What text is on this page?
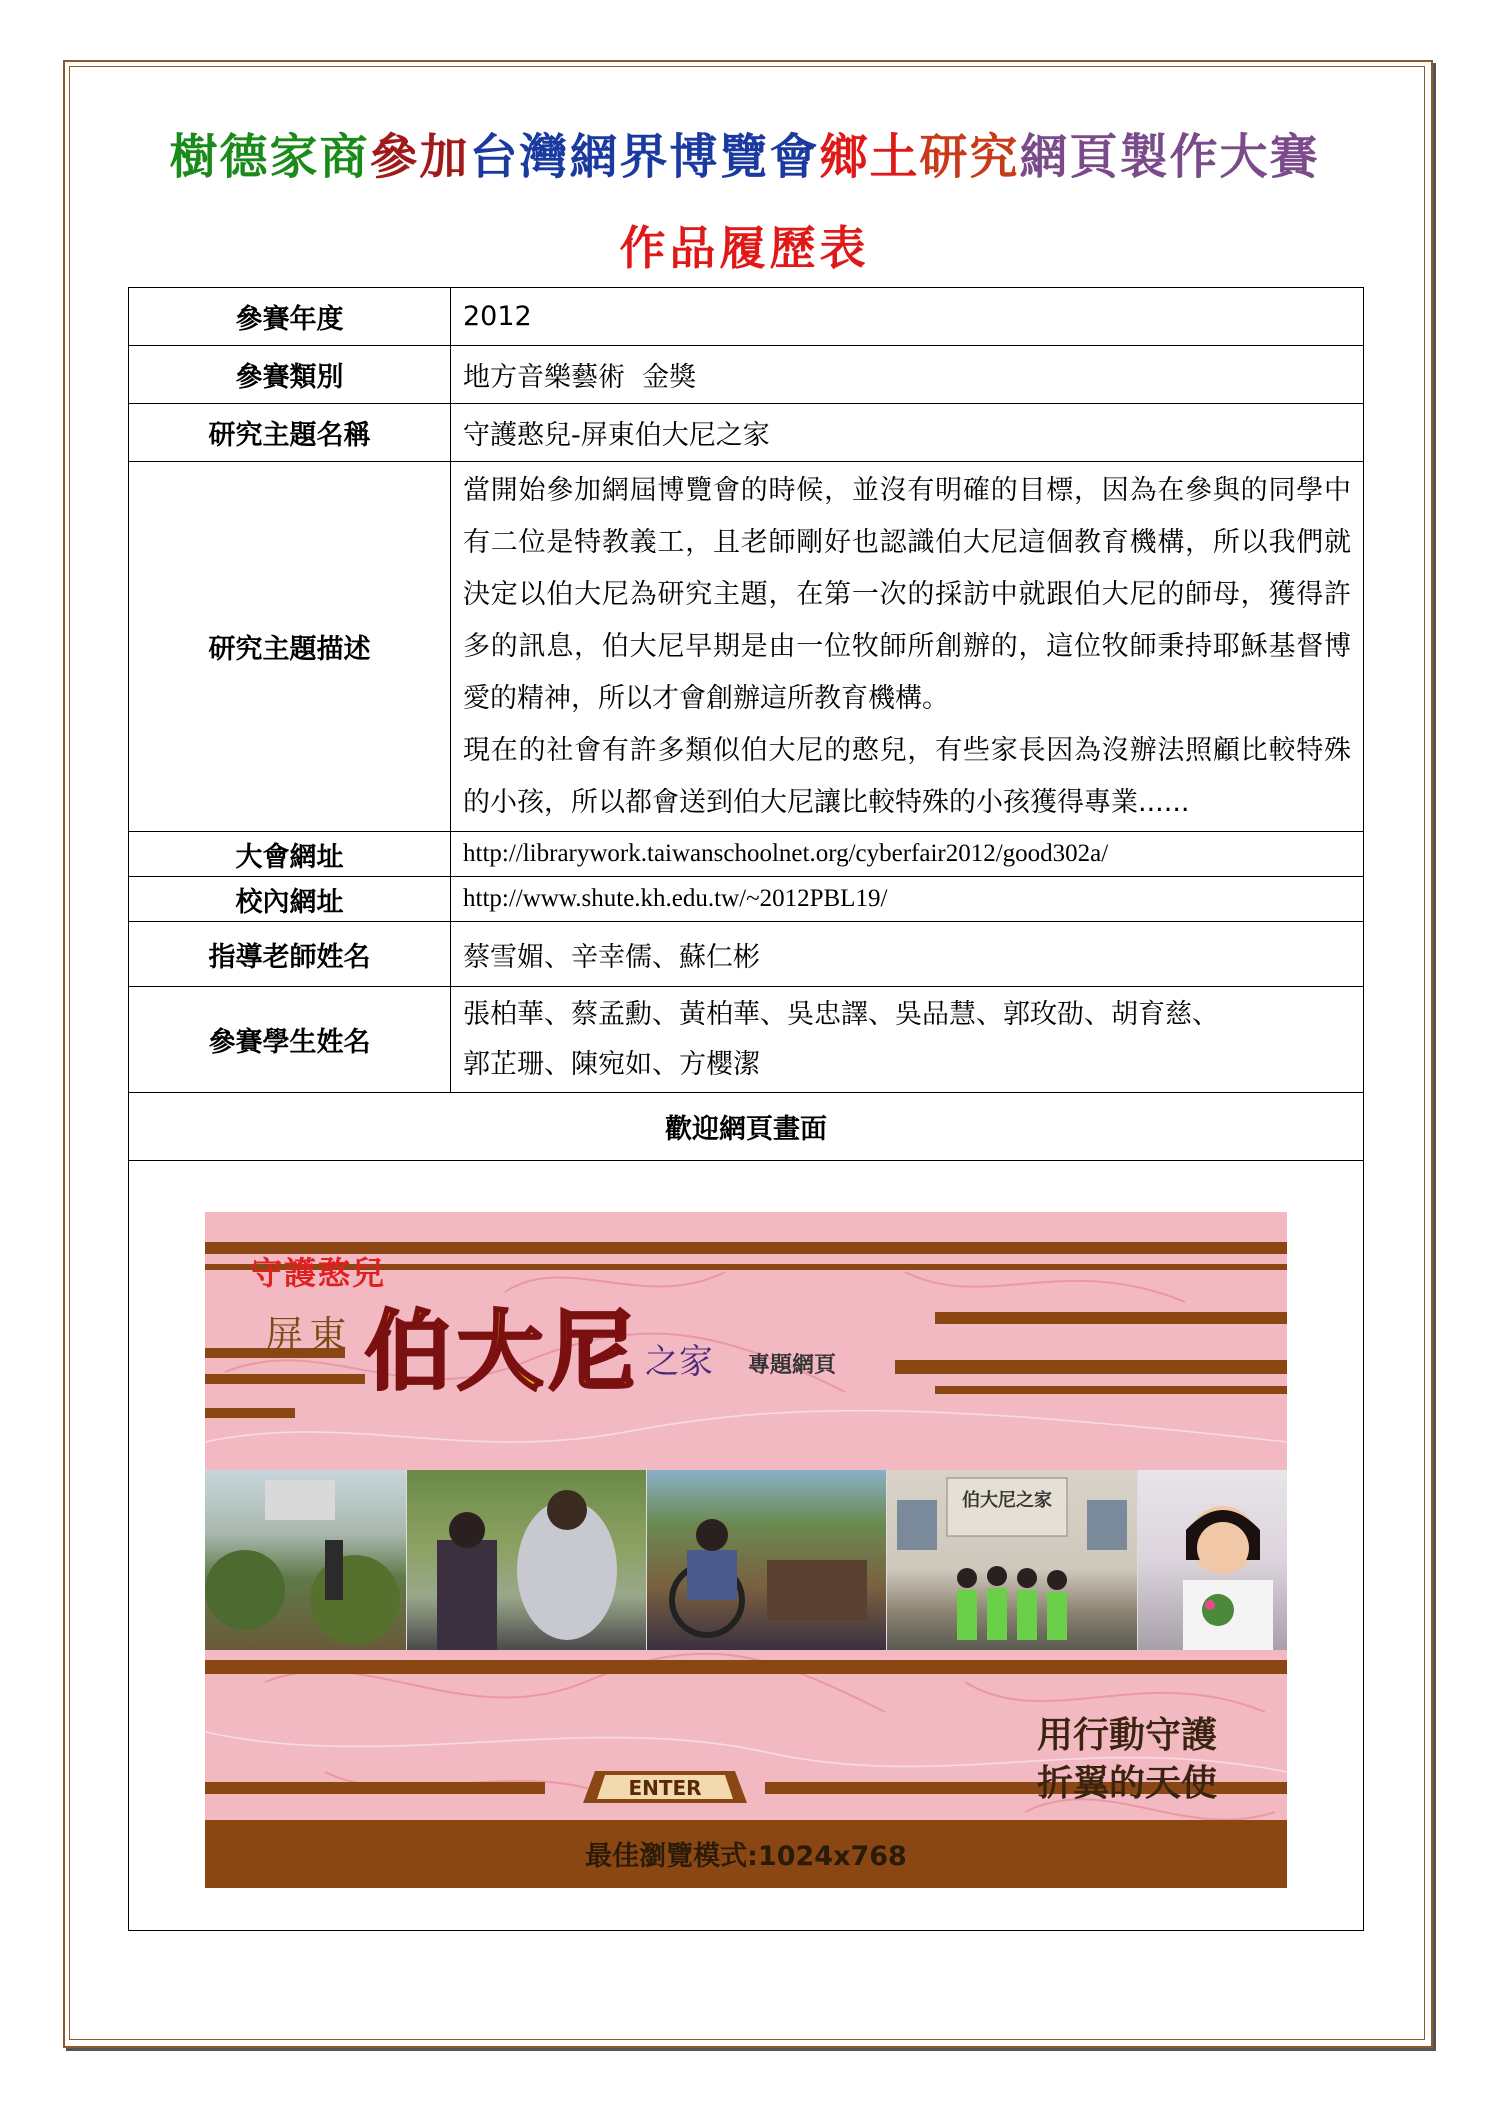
樹德家商參加台灣網界博覽會鄉土研究網頁製作大賽
作品履歷表
參賽年度	2012
參賽類別	地方音樂藝術  金獎
研究主題名稱	守護憨兒-屏東伯大尼之家
研究主題描述	當開始參加網屆博覽會的時候，並沒有明確的目標，因為在參與的同學中有二位是特教義工，且老師剛好也認識伯大尼這個教育機構，所以我們就決定以伯大尼為研究主題，在第一次的採訪中就跟伯大尼的師母，獲得許多的訊息，伯大尼早期是由一位牧師所創辦的，這位牧師秉持耶穌基督博愛的精神，所以才會創辦這所教育機構。
現在的社會有許多類似伯大尼的憨兒，有些家長因為沒辦法照顧比較特殊的小孩，所以都會送到伯大尼讓比較特殊的小孩獲得專業......

大會網址	http://librarywork.taiwanschoolnet.org/cyberfair2012/good302a/
校內網址	http://www.shute.kh.edu.tw/~2012PBL19/
指導老師姓名	蔡雪媚、辛幸儒、蘇仁彬
參賽學生姓名	張柏華、蔡孟勳、黃柏華、吳忠譯、吳品慧、郭玫劭、胡育慈、
郭芷珊、陳宛如、方櫻潔

歡迎網頁畫面	

守護憨兒
屏東 伯大尼 之家 專題網頁
伯大尼之家
用行動守護
折翼的天使
ENTER
最佳瀏覽模式:1024x768
